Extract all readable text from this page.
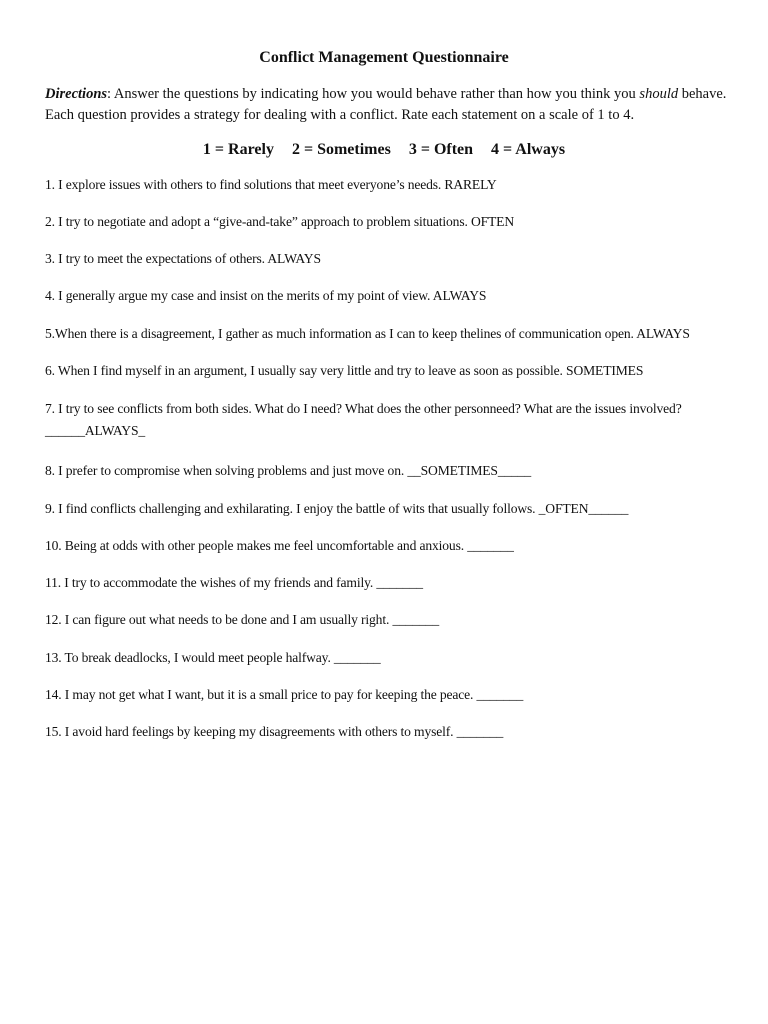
Conflict Management Questionnaire
Directions: Answer the questions by indicating how you would behave rather than how you think you should behave. Each question provides a strategy for dealing with a conflict. Rate each statement on a scale of 1 to 4.
1 = Rarely 2 = Sometimes 3 = Often 4 = Always
1. I explore issues with others to find solutions that meet everyone’s needs. RARELY
2. I try to negotiate and adopt a “give-and-take” approach to problem situations. OFTEN
3. I try to meet the expectations of others. ALWAYS
4. I generally argue my case and insist on the merits of my point of view. ALWAYS
5.When there is a disagreement, I gather as much information as I can to keep thelines of communication open. ALWAYS
6. When I find myself in an argument, I usually say very little and try to leave as soon as possible. SOMETIMES
7. I try to see conflicts from both sides. What do I need? What does the other personneed? What are the issues involved? ______ALWAYS_
8. I prefer to compromise when solving problems and just move on. __SOMETIMES_____
9. I find conflicts challenging and exhilarating. I enjoy the battle of wits that usually follows. _OFTEN______
10. Being at odds with other people makes me feel uncomfortable and anxious. _______
11. I try to accommodate the wishes of my friends and family. _______
12. I can figure out what needs to be done and I am usually right. _______
13. To break deadlocks, I would meet people halfway. _______
14. I may not get what I want, but it is a small price to pay for keeping the peace. _______
15. I avoid hard feelings by keeping my disagreements with others to myself. _______
